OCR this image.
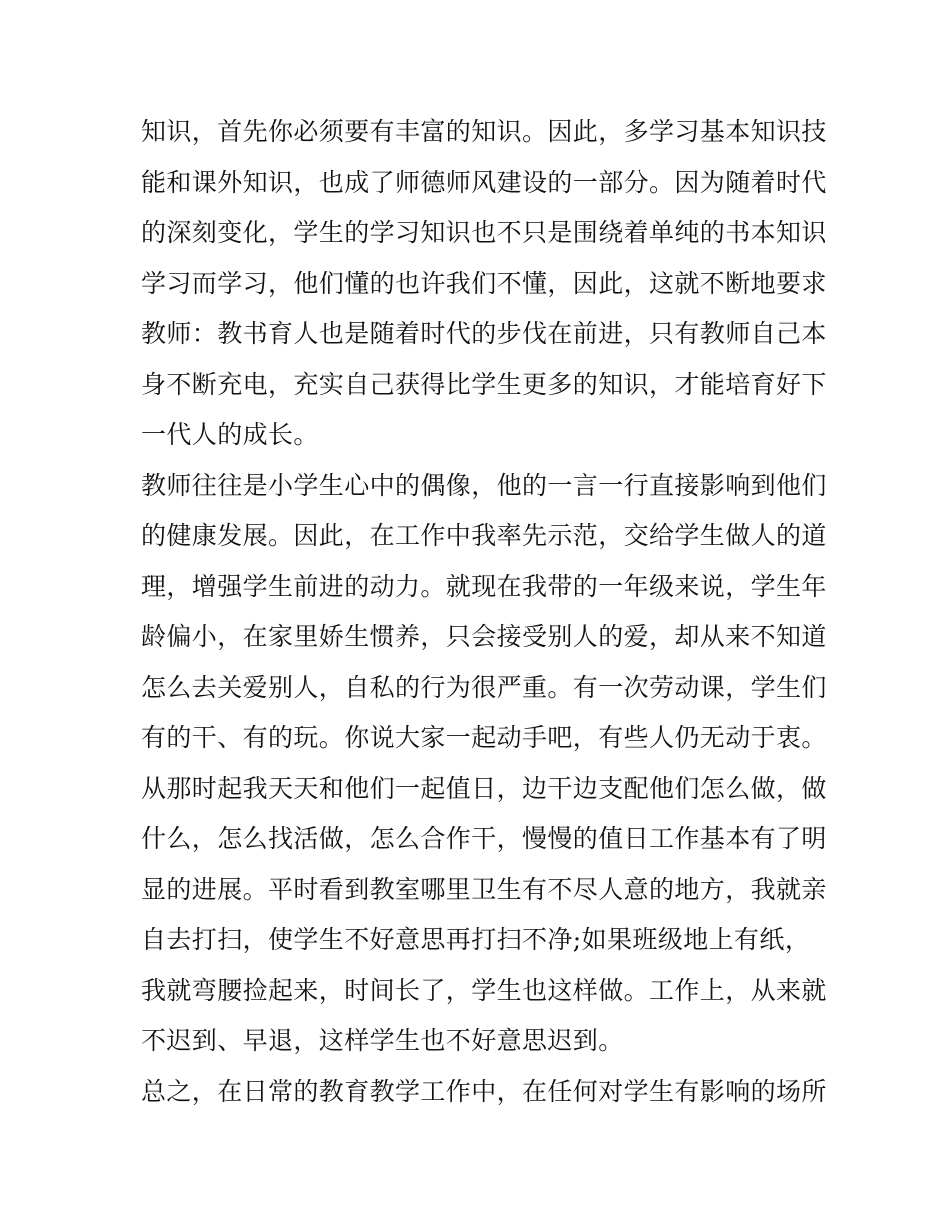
知识，首先你必须要有丰富的知识。因此，多学习基本知识技
能和课外知识，也成了师德师风建设的一部分。因为随着时代
的深刻变化，学生的学习知识也不只是围绕着单纯的书本知识
学习而学习，他们懂的也许我们不懂，因此，这就不断地要求
教师：教书育人也是随着时代的步伐在前进，只有教师自己本
身不断充电，充实自己获得比学生更多的知识，才能培育好下
一代人的成长。
教师往往是小学生心中的偶像，他的一言一行直接影响到他们
的健康发展。因此，在工作中我率先示范，交给学生做人的道
理，增强学生前进的动力。就现在我带的一年级来说，学生年
龄偏小，在家里娇生惯养，只会接受别人的爱，却从来不知道
怎么去关爱别人，自私的行为很严重。有一次劳动课，学生们
有的干、有的玩。你说大家一起动手吧，有些人仍无动于衷。
从那时起我天天和他们一起值日，边干边支配他们怎么做，做
什么，怎么找活做，怎么合作干，慢慢的值日工作基本有了明
显的进展。平时看到教室哪里卫生有不尽人意的地方，我就亲
自去打扫，使学生不好意思再打扫不净;如果班级地上有纸，
我就弯腰捡起来，时间长了，学生也这样做。工作上，从来就
不迟到、早退，这样学生也不好意思迟到。
总之，在日常的教育教学工作中，在任何对学生有影响的场所
